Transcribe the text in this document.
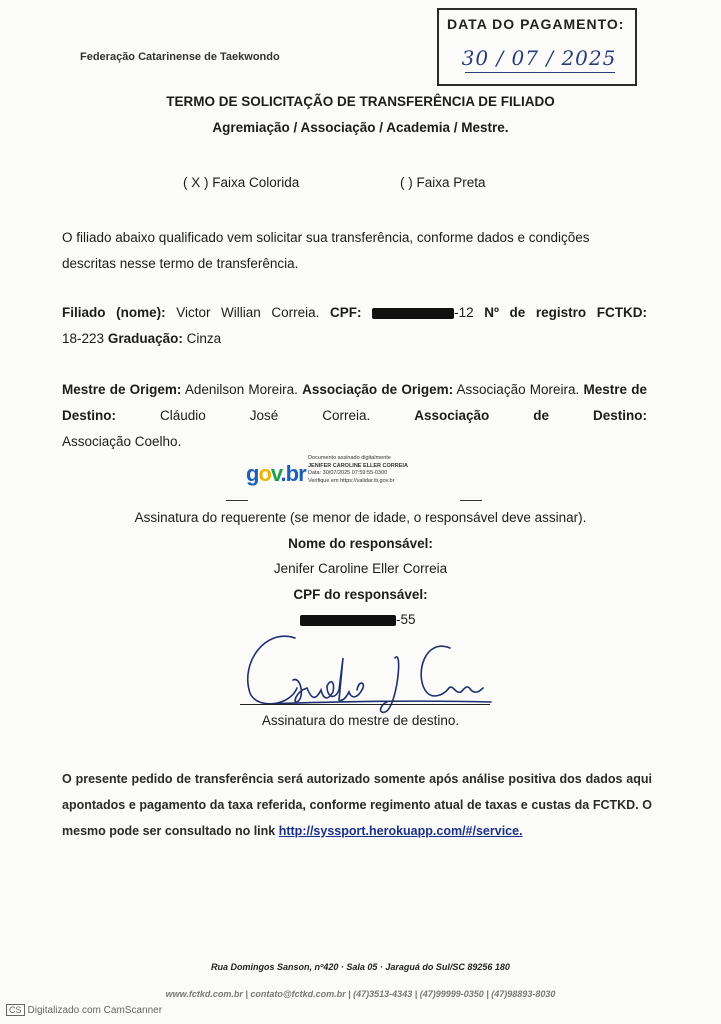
Federação Catarinense de Taekwondo
DATA DO PAGAMENTO:
30 / 07 / 2025
TERMO DE SOLICITAÇÃO DE TRANSFERÊNCIA DE FILIADO
Agremiação / Associação / Academia / Mestre.
( X ) Faixa Colorida	( ) Faixa Preta
O filiado abaixo qualificado vem solicitar sua transferência, conforme dados e condições descritas nesse termo de transferência.
Filiado (nome): Victor Willian Correia. CPF:	-12 Nº de registro FCTKD:
18-223 Graduação: Cinza
Mestre de Origem: Adenilson Moreira. Associação de Origem: Associação Moreira. Mestre de Destino:	Cláudio José Correia.	Associação de Destino:
Associação Coelho.
gov.br
Documento assinado digitalmente
JENIFER CAROLINE ELLER CORREIA
Data: 30/07/2025 07:59:55-0300
Verifique em https://validar.iti.gov.br
Assinatura do requerente (se menor de idade, o responsável deve assinar).
Nome do responsável:
Jenifer Caroline Eller Correia
CPF do responsável:
-55
Assinatura do mestre de destino.
O presente pedido de transferência será autorizado somente após análise positiva dos dados aqui apontados e pagamento da taxa referida, conforme regimento atual de taxas e custas da FCTKD. O mesmo pode ser consultado no link http://syssport.herokuapp.com/#/service.
Rua Domingos Sanson, nº420 · Sala 05 · Jaraguá do Sul/SC 89256 180
www.fctkd.com.br | contato@fctkd.com.br | (47)3513-4343 | (47)99999-0350 | (47)98893-8030
CS Digitalizado com CamScanner
